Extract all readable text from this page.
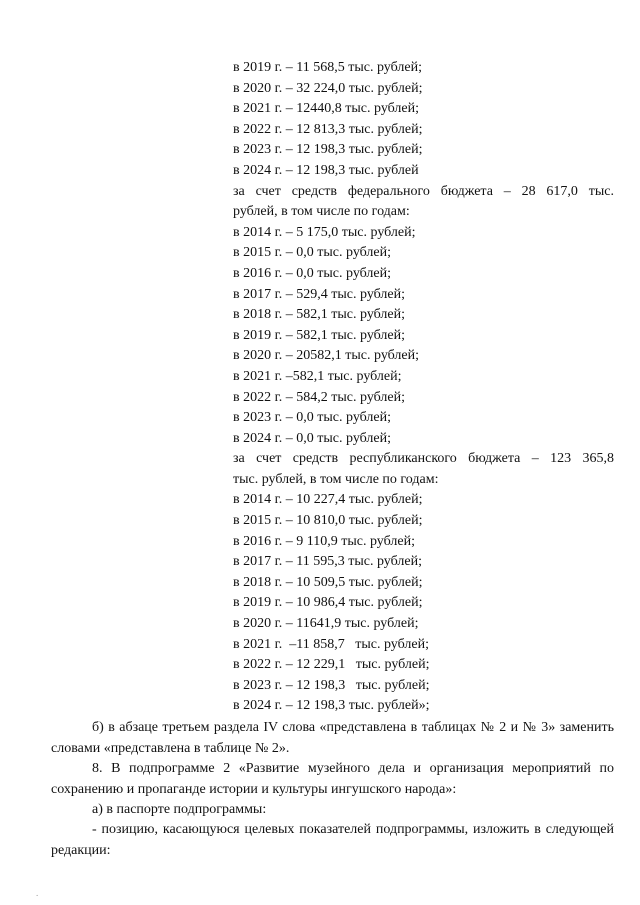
в 2019 г. – 11 568,5 тыс. рублей;
в 2020 г. – 32 224,0 тыс. рублей;
в 2021 г. – 12440,8 тыс. рублей;
в 2022 г. – 12 813,3 тыс. рублей;
в 2023 г. – 12 198,3 тыс. рублей;
в 2024 г. – 12 198,3 тыс. рублей
за счет средств федерального бюджета – 28 617,0 тыс.
рублей, в том числе по годам:
в 2014 г. – 5 175,0 тыс. рублей;
в 2015 г. – 0,0 тыс. рублей;
в 2016 г. – 0,0 тыс. рублей;
в 2017 г. – 529,4 тыс. рублей;
в 2018 г. – 582,1 тыс. рублей;
в 2019 г. – 582,1 тыс. рублей;
в 2020 г. – 20582,1 тыс. рублей;
в 2021 г. –582,1 тыс. рублей;
в 2022 г. – 584,2 тыс. рублей;
в 2023 г. – 0,0 тыс. рублей;
в 2024 г. – 0,0 тыс. рублей;
за счет средств республиканского бюджета – 123 365,8
тыс. рублей, в том числе по годам:
в 2014 г. – 10 227,4 тыс. рублей;
в 2015 г. – 10 810,0 тыс. рублей;
в 2016 г. – 9 110,9 тыс. рублей;
в 2017 г. – 11 595,3 тыс. рублей;
в 2018 г. – 10 509,5 тыс. рублей;
в 2019 г. – 10 986,4 тыс. рублей;
в 2020 г. – 11641,9 тыс. рублей;
в 2021 г.  –11 858,7   тыс. рублей;
в 2022 г. – 12 229,1   тыс. рублей;
в 2023 г. – 12 198,3   тыс. рублей;
в 2024 г. – 12 198,3 тыс. рублей»;
б) в абзаце третьем раздела IV слова «представлена в таблицах № 2 и № 3» заменить словами «представлена в таблице № 2».
8. В подпрограмме 2 «Развитие музейного дела и организация мероприятий по сохранению и пропаганде истории и культуры ингушского народа»:
а) в паспорте подпрограммы:
- позицию, касающуюся целевых показателей подпрограммы, изложить в следующей редакции:
.
